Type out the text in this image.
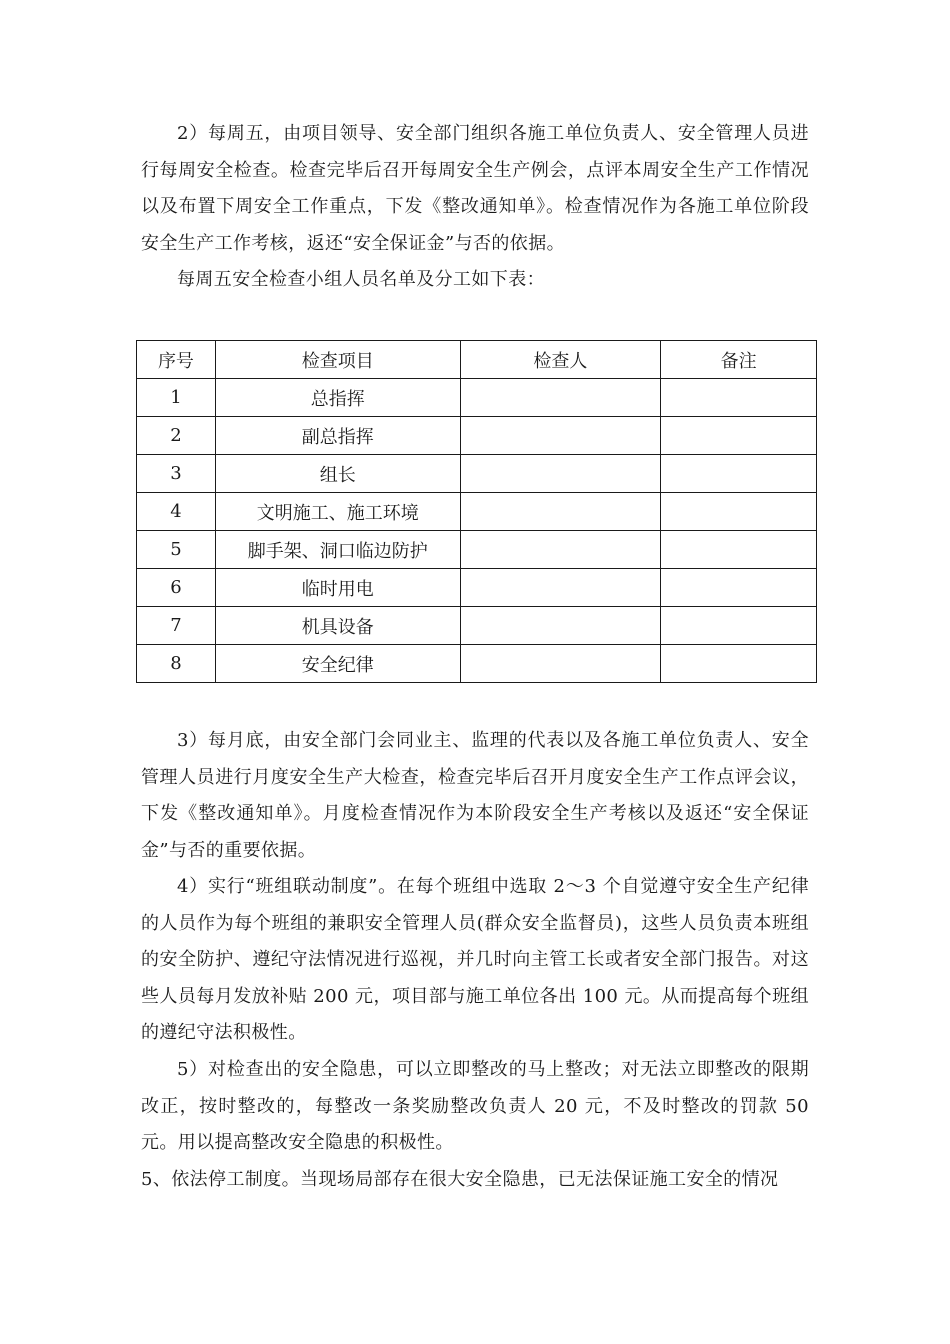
2）每周五，由项目领导、安全部门组织各施工单位负责人、安全管理人员进行每周安全检查。检查完毕后召开每周安全生产例会，点评本周安全生产工作情况以及布置下周安全工作重点，下发《整改通知单》。检查情况作为各施工单位阶段安全生产工作考核，返还“安全保证金”与否的依据。

每周五安全检查小组人员名单及分工如下表：

序号	检查项目	检查人	备注
1	总指挥		
2	副总指挥		
3	组长		
4	文明施工、施工环境		
5	脚手架、洞口临边防护		
6	临时用电		
7	机具设备		
8	安全纪律		

3）每月底，由安全部门会同业主、监理的代表以及各施工单位负责人、安全管理人员进行月度安全生产大检查，检查完毕后召开月度安全生产工作点评会议，下发《整改通知单》。月度检查情况作为本阶段安全生产考核以及返还“安全保证金”与否的重要依据。

4）实行“班组联动制度”。在每个班组中选取 2～3 个自觉遵守安全生产纪律的人员作为每个班组的兼职安全管理人员(群众安全监督员)，这些人员负责本班组的安全防护、遵纪守法情况进行巡视，并几时向主管工长或者安全部门报告。对这些人员每月发放补贴 200 元，项目部与施工单位各出 100 元。从而提高每个班组的遵纪守法积极性。

5）对检查出的安全隐患，可以立即整改的马上整改；对无法立即整改的限期改正，按时整改的，每整改一条奖励整改负责人 20 元，不及时整改的罚款 50 元。用以提高整改安全隐患的积极性。

5、依法停工制度。当现场局部存在很大安全隐患，已无法保证施工安全的情况
